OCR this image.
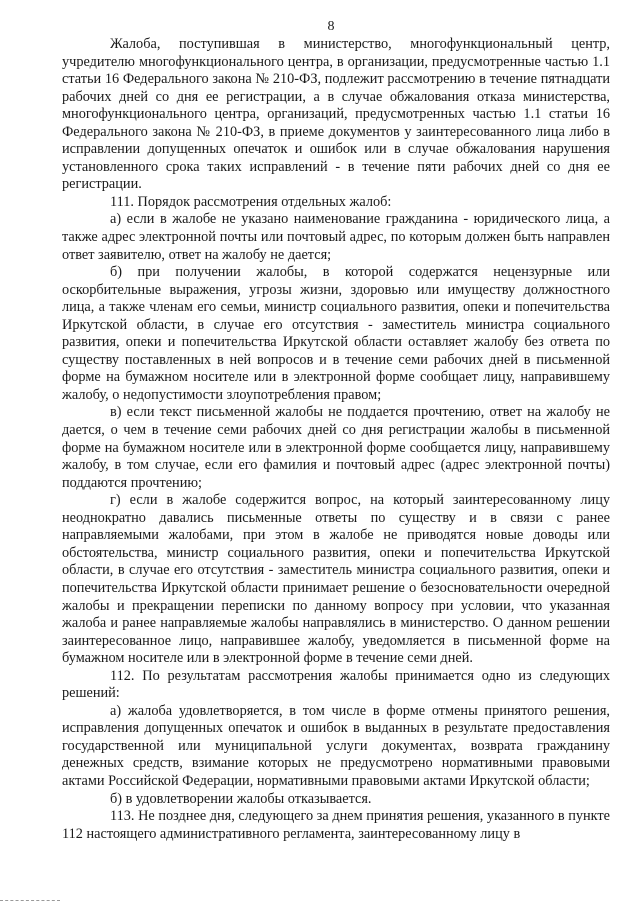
8

Жалоба, поступившая в министерство, многофункциональный центр, учредителю многофункционального центра, в организации, предусмотренные частью 1.1 статьи 16 Федерального закона № 210-ФЗ, подлежит рассмотрению в течение пятнадцати рабочих дней со дня ее регистрации, а в случае обжалования отказа министерства, многофункционального центра, организаций, предусмотренных частью 1.1 статьи 16 Федерального закона № 210-ФЗ, в приеме документов у заинтересованного лица либо в исправлении допущенных опечаток и ошибок или в случае обжалования нарушения установленного срока таких исправлений - в течение пяти рабочих дней со дня ее регистрации.

111. Порядок рассмотрения отдельных жалоб:

а) если в жалобе не указано наименование гражданина - юридического лица, а также адрес электронной почты или почтовый адрес, по которым должен быть направлен ответ заявителю, ответ на жалобу не дается;

б) при получении жалобы, в которой содержатся нецензурные или оскорбительные выражения, угрозы жизни, здоровью или имуществу должностного лица, а также членам его семьи, министр социального развития, опеки и попечительства Иркутской области, в случае его отсутствия - заместитель министра социального развития, опеки и попечительства Иркутской области оставляет жалобу без ответа по существу поставленных в ней вопросов и в течение семи рабочих дней в письменной форме на бумажном носителе или в электронной форме сообщает лицу, направившему жалобу, о недопустимости злоупотребления правом;

в) если текст письменной жалобы не поддается прочтению, ответ на жалобу не дается, о чем в течение семи рабочих дней со дня регистрации жалобы в письменной форме на бумажном носителе или в электронной форме сообщается лицу, направившему жалобу, в том случае, если его фамилия и почтовый адрес (адрес электронной почты) поддаются прочтению;

г) если в жалобе содержится вопрос, на который заинтересованному лицу неоднократно давались письменные ответы по существу и в связи с ранее направляемыми жалобами, при этом в жалобе не приводятся новые доводы или обстоятельства, министр социального развития, опеки и попечительства Иркутской области, в случае его отсутствия - заместитель министра социального развития, опеки и попечительства Иркутской области принимает решение о безосновательности очередной жалобы и прекращении переписки по данному вопросу при условии, что указанная жалоба и ранее направляемые жалобы направлялись в министерство. О данном решении заинтересованное лицо, направившее жалобу, уведомляется в письменной форме на бумажном носителе или в электронной форме в течение семи дней.

112. По результатам рассмотрения жалобы принимается одно из следующих решений:

а) жалоба удовлетворяется, в том числе в форме отмены принятого решения, исправления допущенных опечаток и ошибок в выданных в результате предоставления государственной или муниципальной услуги документах, возврата гражданину денежных средств, взимание которых не предусмотрено нормативными правовыми актами Российской Федерации, нормативными правовыми актами Иркутской области;

б) в удовлетворении жалобы отказывается.

113. Не позднее дня, следующего за днем принятия решения, указанного в пункте 112 настоящего административного регламента, заинтересованному лицу в
